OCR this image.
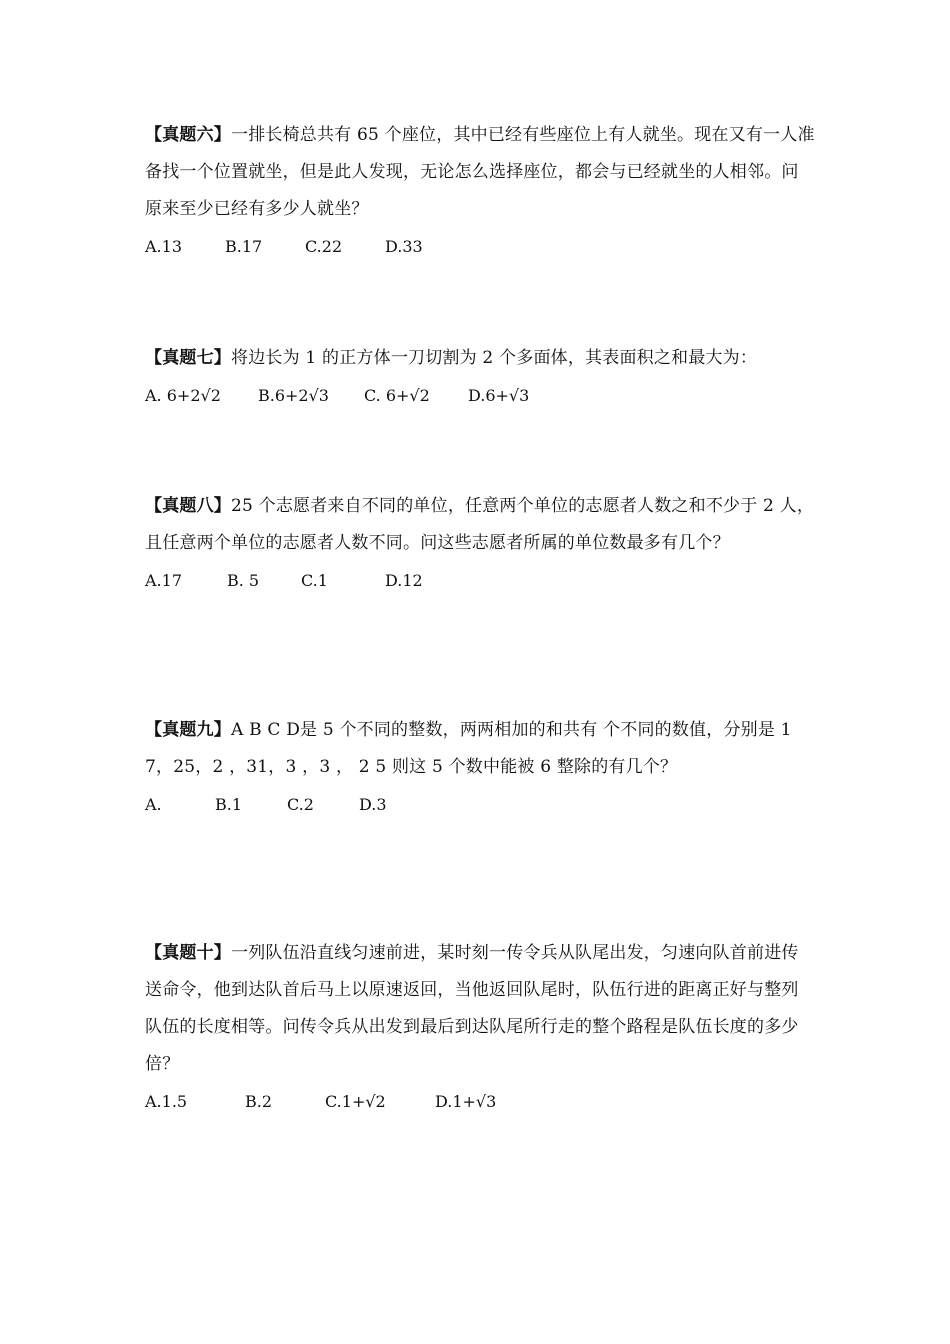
【真题六】一排长椅总共有 65 个座位，其中已经有些座位上有人就坐。现在又有一人准备找一个位置就坐，但是此人发现，无论怎么选择座位，都会与已经就坐的人相邻。问原来至少已经有多少人就坐？

A.13	B.17	C.22	D.33

【真题七】将边长为 1 的正方体一刀切割为 2 个多面体，其表面积之和最大为：

A. 6+2√2	B.6+2√3	C. 6+√2	D.6+√3

【真题八】25 个志愿者来自不同的单位，任意两个单位的志愿者人数之和不少于 2 人，且任意两个单位的志愿者人数不同。问这些志愿者所属的单位数最多有几个？

A.17	B. 5	C.1	D.12

【真题九】A B C D是 5 个不同的整数，两两相加的和共有 个不同的数值，分别是 17，25，2 ，31，3 ，3 ， 2 5 则这 5 个数中能被 6 整除的有几个？

A.	B.1	C.2	D.3

【真题十】一列队伍沿直线匀速前进，某时刻一传令兵从队尾出发，匀速向队首前进传送命令，他到达队首后马上以原速返回，当他返回队尾时，队伍行进的距离正好与整列队伍的长度相等。问传令兵从出发到最后到达队尾所行走的整个路程是队伍长度的多少倍？

A.1.5	B.2	C.1+√2	D.1+√3
